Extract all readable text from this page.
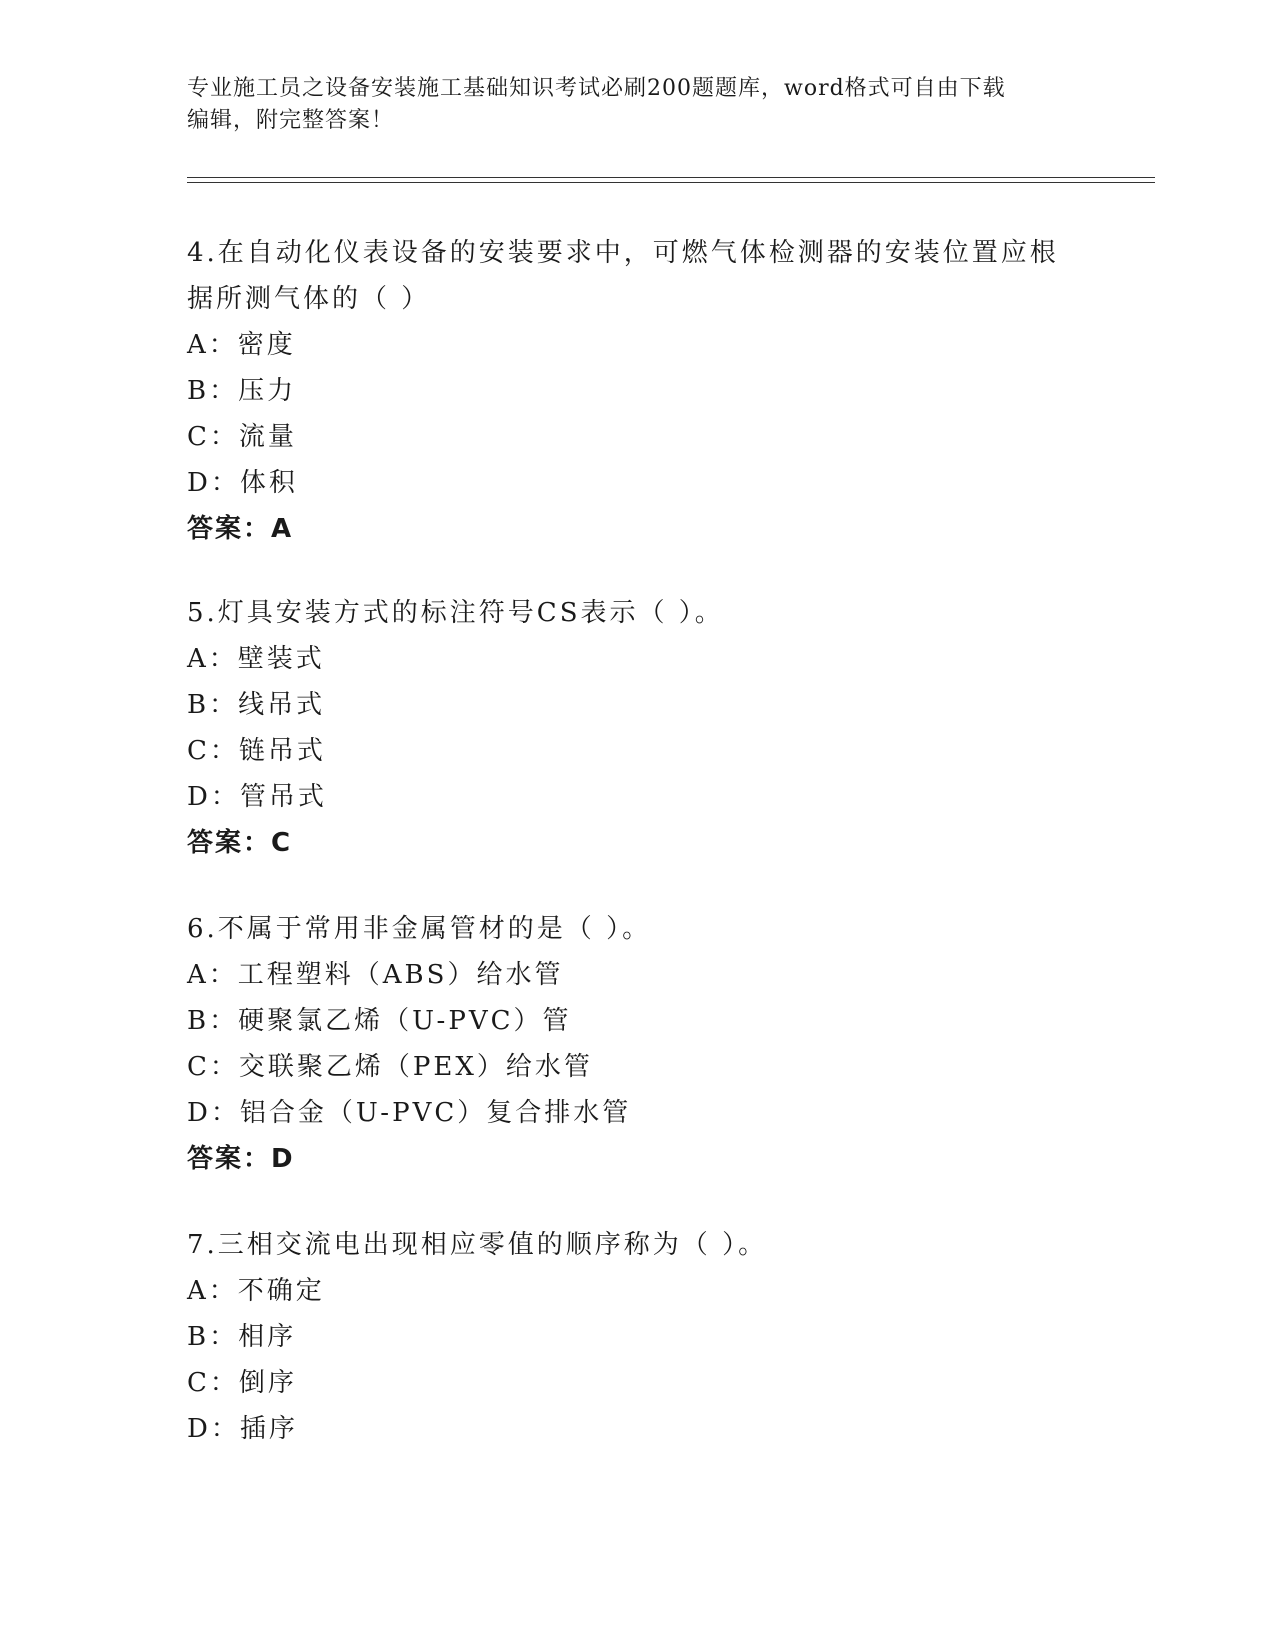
专业施工员之设备安装施工基础知识考试必刷200题题库，word格式可自由下载
编辑，附完整答案！
4.在自动化仪表设备的安装要求中，可燃气体检测器的安装位置应根
据所测气体的（ ）
A：密度
B：压力
C：流量
D：体积
答案：A
5.灯具安装方式的标注符号CS表示（ ）。
A：壁装式
B：线吊式
C：链吊式
D：管吊式
答案：C
6.不属于常用非金属管材的是（ ）。
A：工程塑料（ABS）给水管
B：硬聚氯乙烯（U-PVC）管
C：交联聚乙烯（PEX）给水管
D：铝合金（U-PVC）复合排水管
答案：D
7.三相交流电出现相应零值的顺序称为（ ）。
A：不确定
B：相序
C：倒序
D：插序
